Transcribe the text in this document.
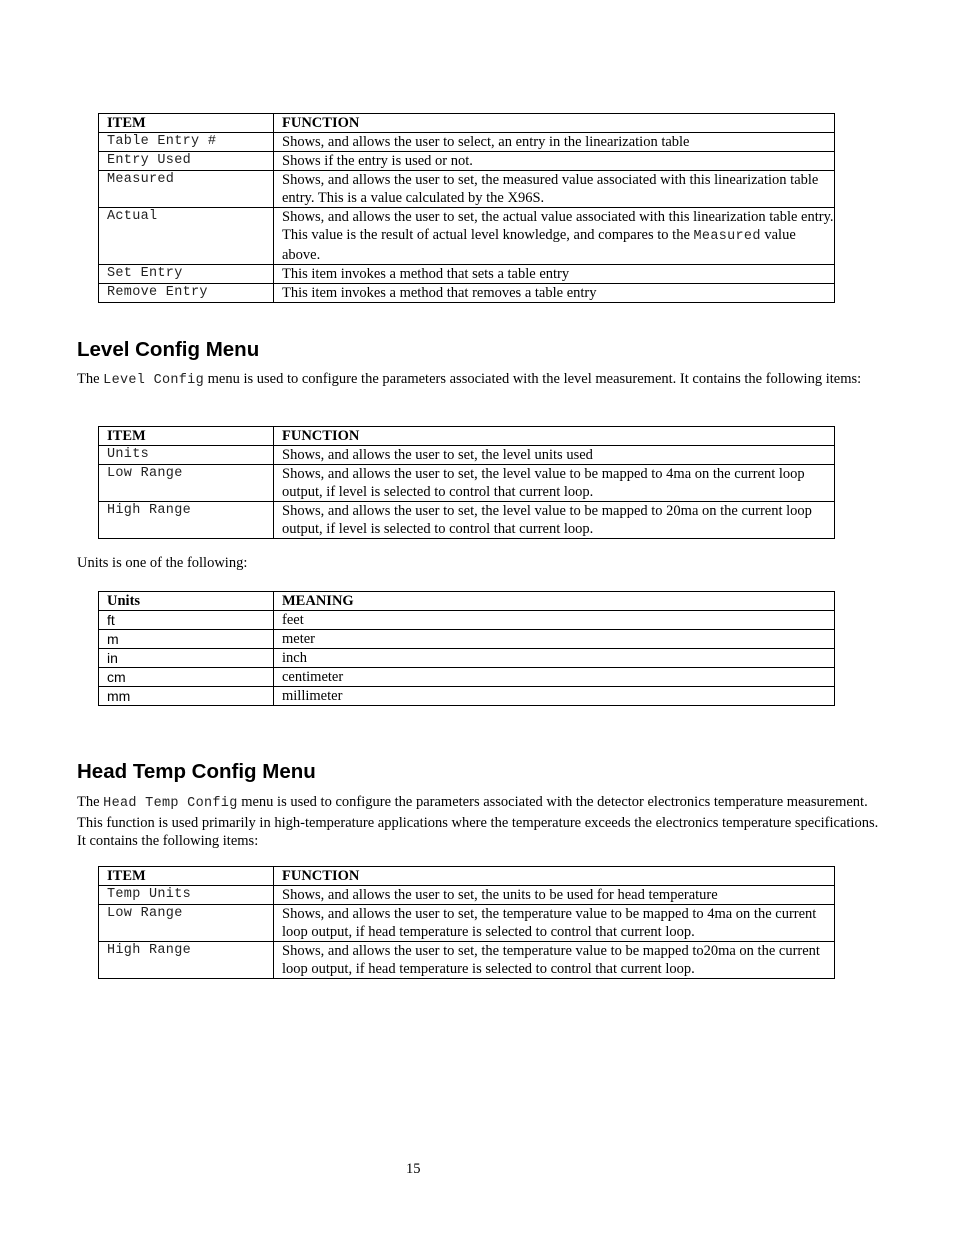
ITEM	FUNCTION
Table Entry #	Shows, and allows the user to select, an entry in the linearization table
Entry Used	Shows if the entry is used or not.
Measured	Shows, and allows the user to set, the measured value associated with this linearization table entry. This is a value calculated by the X96S.
Actual	Shows, and allows the user to set, the actual value associated with this linearization table entry. This value is the result of actual level knowledge, and compares to the Measured value above.
Set Entry	This item invokes a method that sets a table entry
Remove Entry	This item invokes a method that removes a table entry
Level Config Menu

The Level Config menu is used to configure the parameters associated with the level measurement. It contains the following items:

ITEM	FUNCTION
Units	Shows, and allows the user to set, the level units used
Low Range	Shows, and allows the user to set, the level value to be mapped to 4ma on the current loop output, if level is selected to control that current loop.
High Range	Shows, and allows the user to set, the level value to be mapped to 20ma on the current loop output, if level is selected to control that current loop.

Units is one of the following:

Units	MEANING
ft	feet
m	meter
in	inch
cm	centimeter
mm	millimeter
Head Temp Config Menu

The Head Temp Config menu is used to configure the parameters associated with the detector electronics temperature measurement. This function is used primarily in high-temperature applications where the temperature exceeds the electronics temperature specifications. It contains the following items:

ITEM	FUNCTION
Temp Units	Shows, and allows the user to set, the units to be used for head temperature
Low Range	Shows, and allows the user to set, the temperature value to be mapped to 4ma on the current loop output, if head temperature is selected to control that current loop.
High Range	Shows, and allows the user to set, the temperature value to be mapped to20ma on the current loop output, if head temperature is selected to control that current loop.
15
